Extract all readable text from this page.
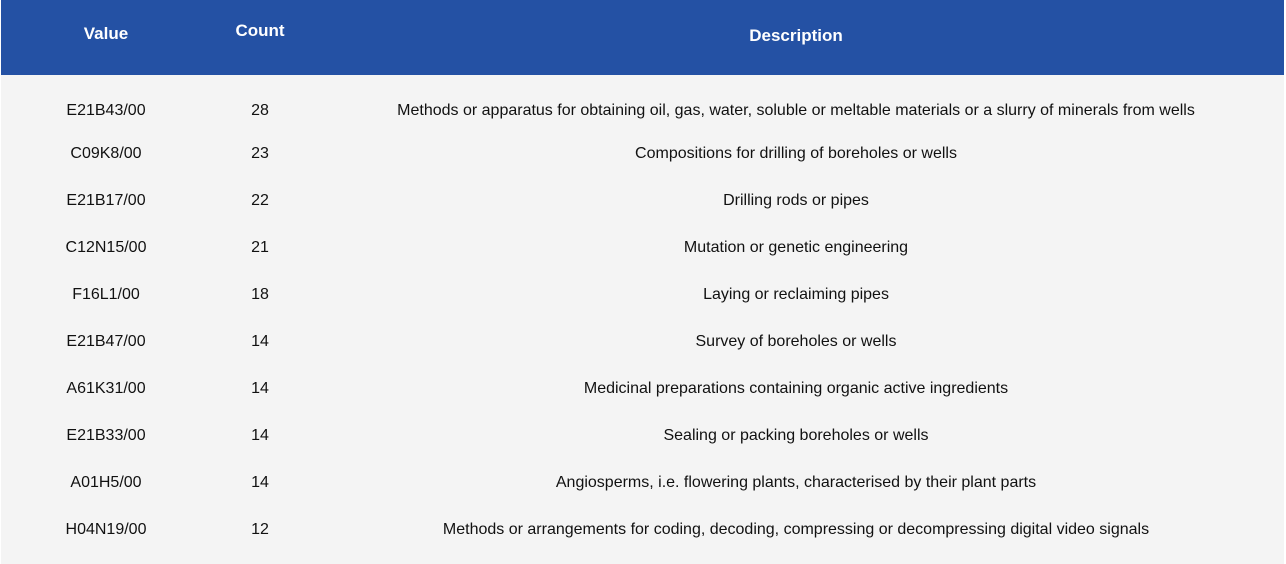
Value	Count	Description
E21B43/00	28	Methods or apparatus for obtaining oil, gas, water, soluble or meltable materials or a slurry of minerals from wells
C09K8/00	23	Compositions for drilling of boreholes or wells
E21B17/00	22	Drilling rods or pipes
C12N15/00	21	Mutation or genetic engineering
F16L1/00	18	Laying or reclaiming pipes
E21B47/00	14	Survey of boreholes or wells
A61K31/00	14	Medicinal preparations containing organic active ingredients
E21B33/00	14	Sealing or packing boreholes or wells
A01H5/00	14	Angiosperms, i.e. flowering plants, characterised by their plant parts
H04N19/00	12	Methods or arrangements for coding, decoding, compressing or decompressing digital video signals
